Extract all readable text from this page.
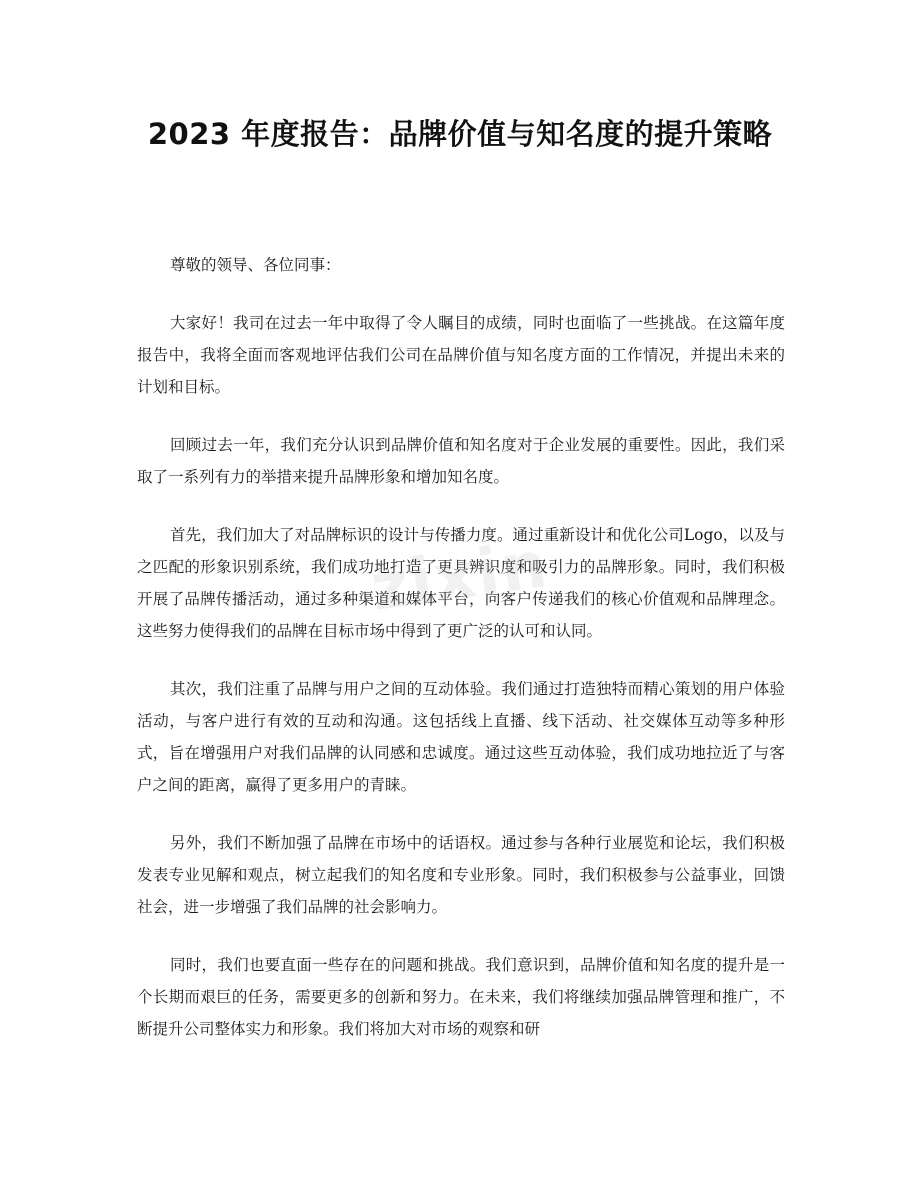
2023 年度报告：品牌价值与知名度的提升策略

尊敬的领导、各位同事：

大家好！我司在过去一年中取得了令人瞩目的成绩，同时也面临了一些挑战。在这篇年度报告中，我将全面而客观地评估我们公司在品牌价值与知名度方面的工作情况，并提出未来的计划和目标。

回顾过去一年，我们充分认识到品牌价值和知名度对于企业发展的重要性。因此，我们采取了一系列有力的举措来提升品牌形象和增加知名度。

首先，我们加大了对品牌标识的设计与传播力度。通过重新设计和优化公司Logo，以及与之匹配的形象识别系统，我们成功地打造了更具辨识度和吸引力的品牌形象。同时，我们积极开展了品牌传播活动，通过多种渠道和媒体平台，向客户传递我们的核心价值观和品牌理念。这些努力使得我们的品牌在目标市场中得到了更广泛的认可和认同。

其次，我们注重了品牌与用户之间的互动体验。我们通过打造独特而精心策划的用户体验活动，与客户进行有效的互动和沟通。这包括线上直播、线下活动、社交媒体互动等多种形式，旨在增强用户对我们品牌的认同感和忠诚度。通过这些互动体验，我们成功地拉近了与客户之间的距离，赢得了更多用户的青睐。

另外，我们不断加强了品牌在市场中的话语权。通过参与各种行业展览和论坛，我们积极发表专业见解和观点，树立起我们的知名度和专业形象。同时，我们积极参与公益事业，回馈社会，进一步增强了我们品牌的社会影响力。

同时，我们也要直面一些存在的问题和挑战。我们意识到，品牌价值和知名度的提升是一个长期而艰巨的任务，需要更多的创新和努力。在未来，我们将继续加强品牌管理和推广，不断提升公司整体实力和形象。我们将加大对市场的观察和研

zixin
